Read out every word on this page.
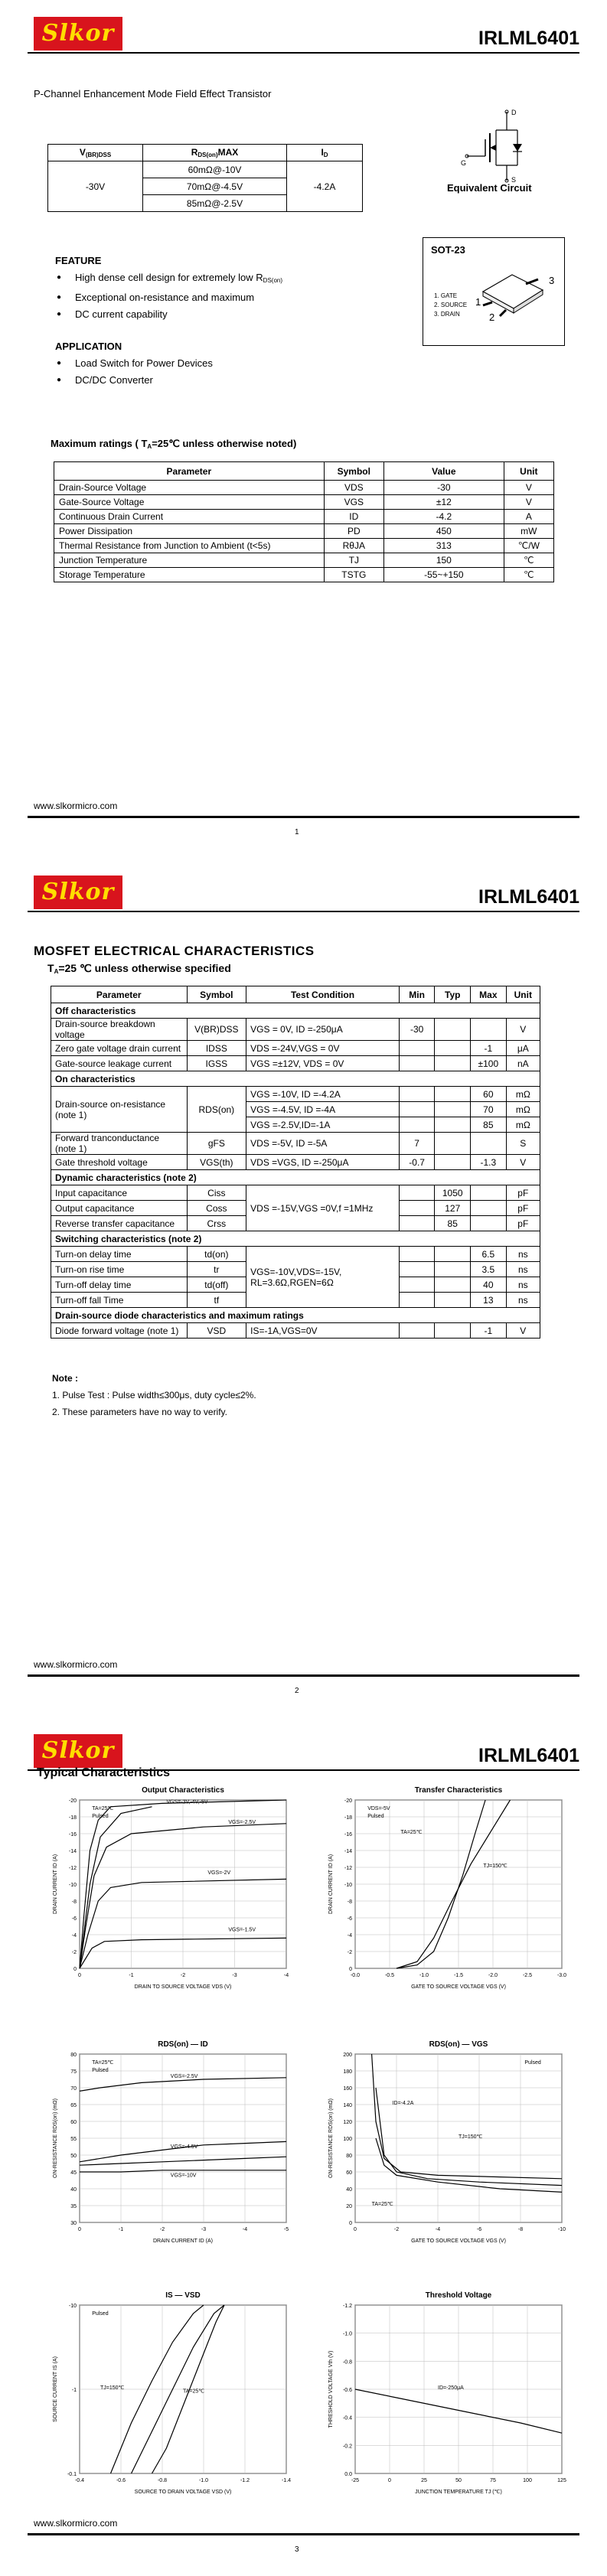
Slkor	IRLML6401
P-Channel Enhancement Mode Field Effect Transistor
$V_{(BR)DSS}$	$R_{DS(on)}MAX$	$I_D$
-30V	60mΩ@-10V	-4.2A
	70mΩ@-4.5V	
	85mΩ@-2.5V	
D
G
S
Equivalent Circuit
FEATURE
● High dense cell design for extremely low $R_{DS(on)}$
● Exceptional on-resistance and maximum
● DC current capability
APPLICATION
● Load Switch for Power Devices
● DC/DC Converter
SOT-23
3
1
2
1. GATE
2. SOURCE
3. DRAIN
Maximum ratings ( $T_A=25℃$ unless otherwise noted)
Parameter	Symbol	Value	Unit
Drain-Source Voltage	VDS	-30	V
Gate-Source Voltage	VGS	±12	V
Continuous Drain Current	ID	-4.2	A
Power Dissipation	PD	450	mW
Thermal Resistance from Junction to Ambient (t<5s)	RθJA	313	℃/W
Junction Temperature	TJ	150	℃
Storage Temperature	TSTG	-55~+150	℃
www.slkormicro.com
1
Slkor	IRLML6401
MOSFET ELECTRICAL CHARACTERISTICS
$T_A=25$ ℃ unless otherwise specified
Parameter	Symbol	Test Condition	Min	Typ	Max	Unit
Off characteristics						
Drain-source breakdown voltage	V(BR)DSS	VGS = 0V, ID =-250μA	-30			V
Zero gate voltage drain current	IDSS	VDS =-24V,VGS = 0V			-1	μA
Gate-source leakage current	IGSS	VGS =±12V, VDS = 0V			±100	nA
On characteristics						

Drain-source on-resistance
(note 1)	RDS(on)	VGS =-10V, ID =-4.2A			60	mΩ
		VGS =-4.5V, ID =-4A			70	mΩ
		VGS =-2.5V,ID=-1A			85	mΩ
Forward tranconductance (note 1)	gFS	VDS =-5V, ID =-5A	7			S
Gate threshold voltage	VGS(th)	VDS =VGS, ID =-250μA	-0.7		-1.3	V
Dynamic characteristics (note 2)						
Input capacitance	Ciss	VDS =-15V,VGS =0V,f =1MHz		1050		pF
Output capacitance	Coss			127		pF
Reverse transfer capacitance	Crss			85		pF
Switching characteristics (note 2)						
Turn-on delay time	td(on)	VGS=-10V,VDS=-15V,
RL=3.6Ω,RGEN=6Ω			6.5	ns
Turn-on rise time	tr				3.5	ns
Turn-off delay time	td(off)				40	ns
Turn-off fall Time	tf				13	ns
Drain-source diode characteristics and maximum ratings						
Diode forward voltage (note 1)	VSD	IS=-1A,VGS=0V			-1	V
Note :
1. Pulse Test : Pulse width≤300μs, duty cycle≤2%.
2. These parameters have no way to verify.
www.slkormicro.com
2
Slkor	IRLML6401
www.slkormicro.com
3
Typical Characteristics
Output Characteristics
0	-1	-2	-3	-4
-20
-18
-16
-14
-12
-10
-8
-6
-4
-2
0
DRAIN TO SOURCE VOLTAGE VDS (V)
DRAIN CURRENT ID (A)
VGS=-3V,-4V,-5V
VGS=-2.5V
VGS=-2V
VGS=-1.5V
TA=25℃
Pulsed
Transfer Characteristics
-0.0	-0.5	-1.0	-1.5	-2.0	-2.5	-3.0
-20
-18
-16
-14
-12
-10
-8
-6
-4
-2
0
GATE TO SOURCE VOLTAGE VGS (V)
DRAIN CURRENT ID (A)
TA=25℃
TJ=150℃
VDS=-5V
Pulsed
RDS(on) — ID
0	-1	-2	-3	-4	-5
80
75
70
65
60
55
50
45
40
35
30
DRAIN CURRENT ID (A)
ON-RESISTANCE RDS(on) (mΩ)
VGS=-2.5V
VGS=-4.5V
VGS=-10V
TA=25℃
Pulsed
RDS(on) — VGS
0	-2	-4	-6	-8	-10
200
180
160
140
120
100
80
60
40
20
0
GATE TO SOURCE VOLTAGE VGS (V)
ON-RESISTANCE RDS(on) (mΩ)	ID=-4.2A
TJ=150℃
TA=25℃
Pulsed
IS — VSD
-0.4	-0.6	-0.8	-1.0	-1.2	-1.4
-10
-1
-0.1
SOURCE TO DRAIN VOLTAGE VSD (V)
SOURCE CURRENT IS (A)	TJ=150℃
TA=25℃
Pulsed
Threshold Voltage
-25	0	25	50	75	100	125
-1.2
-1.0
-0.8
-0.6
-0.4
-0.2
0.0
JUNCTION TEMPERATURE TJ (℃)
THRESHOLD VOLTAGE Vth (V)	ID=-250μA
